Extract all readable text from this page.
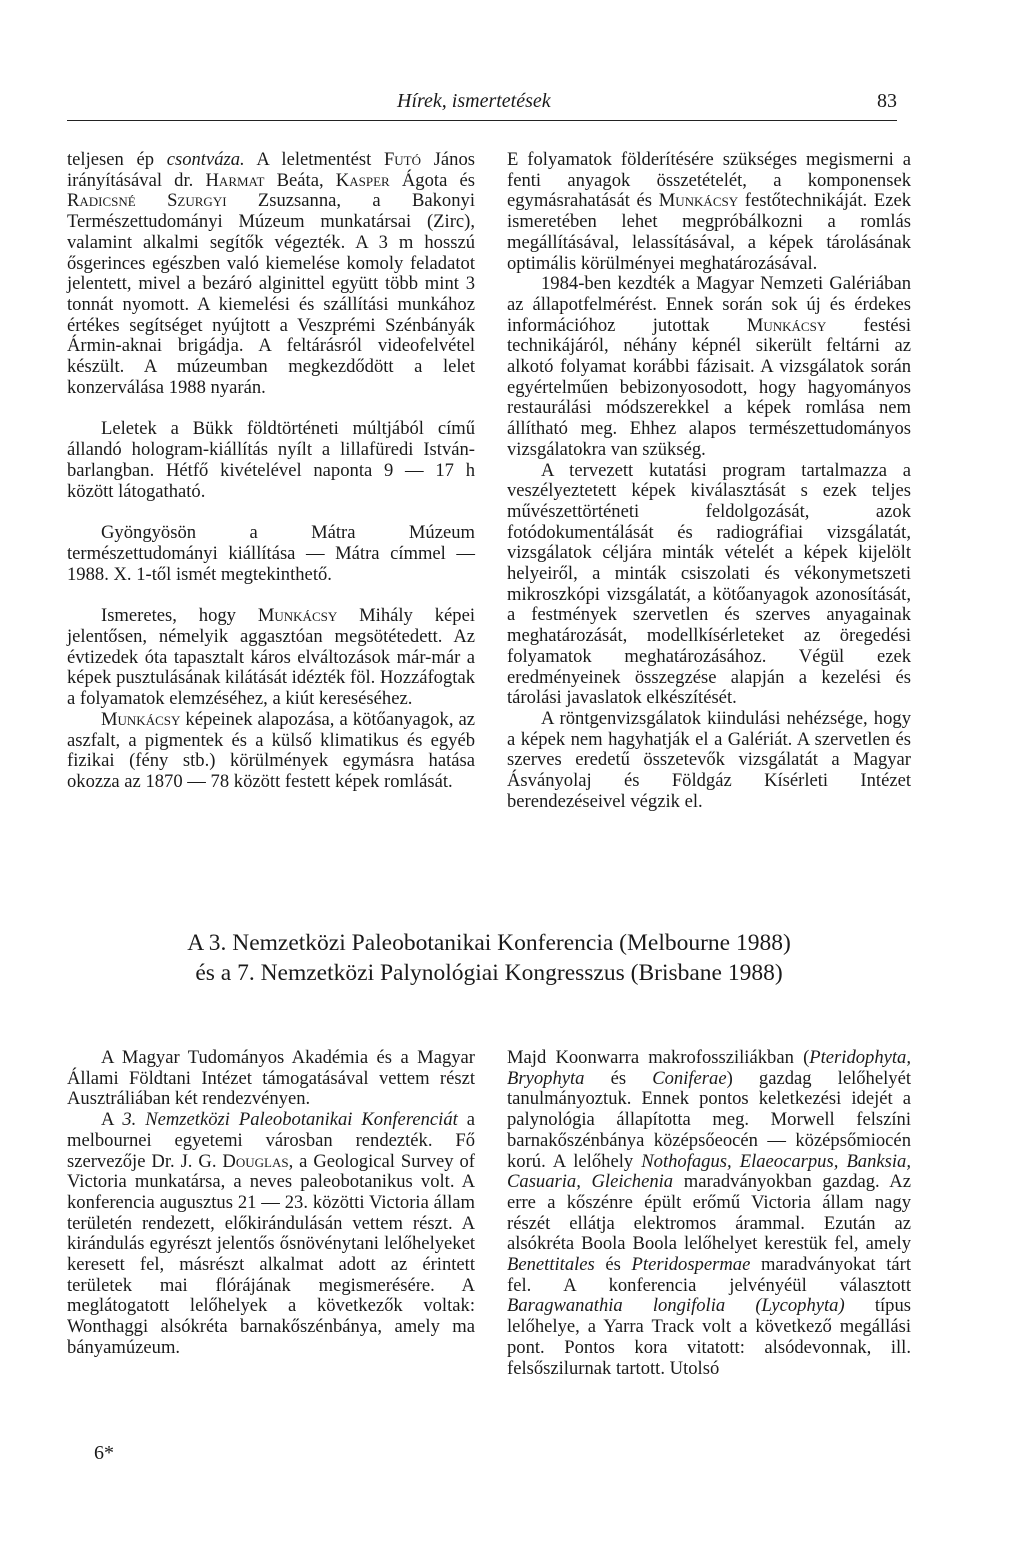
Hírek, ismertetések	83

teljesen ép csontváza. A leletmentést Futó János irányításával dr. Harmat Beáta, Kasper Ágota és Radicsné Szurgyi Zsuzsanna, a Bakonyi Természettudományi Múzeum munkatársai (Zirc), valamint alkalmi segítők végezték. A 3 m hosszú ősgerinces egészben való kiemelése komoly feladatot jelentett, mivel a bezáró alginittel együtt több mint 3 tonnát nyomott. A kiemelési és szállítási munkához értékes segítséget nyújtott a Veszprémi Szénbányák Ármin-aknai brigádja. A feltárásról videofelvétel készült. A múzeumban megkezdődött a lelet konzerválása 1988 nyarán.

Leletek a Bükk földtörténeti múltjából című állandó hologram-kiállítás nyílt a lillafüredi István-barlangban. Hétfő kivételével naponta 9 — 17 h között látogatható.

Gyöngyösön a Mátra Múzeum természettudományi kiállítása — Mátra címmel — 1988. X. 1-től ismét megtekinthető.

Ismeretes, hogy Munkácsy Mihály képei jelentősen, némelyik aggasztóan megsötétedett. Az évtizedek óta tapasztalt káros elváltozások már-már a képek pusztulásának kilátását idézték föl. Hozzáfogtak a folyamatok elemzéséhez, a kiút kereséséhez.

Munkácsy képeinek alapozása, a kötőanyagok, az aszfalt, a pigmentek és a külső klimatikus és egyéb fizikai (fény stb.) körülmények egymásra hatása okozza az 1870 — 78 között festett képek romlását.

E folyamatok földerítésére szükséges megismerni a fenti anyagok összetételét, a komponensek egymásrahatását és Munkácsy festőtechnikáját. Ezek ismeretében lehet megpróbálkozni a romlás megállításával, lelassításával, a képek tárolásának optimális körülményei meghatározásával.

1984-ben kezdték a Magyar Nemzeti Galériában az állapotfelmérést. Ennek során sok új és érdekes információhoz jutottak Munkácsy festési technikájáról, néhány képnél sikerült feltárni az alkotó folyamat korábbi fázisait. A vizsgálatok során egyértelműen bebizonyosodott, hogy hagyományos restaurálási módszerekkel a képek romlása nem állítható meg. Ehhez alapos természettudományos vizsgálatokra van szükség.

A tervezett kutatási program tartalmazza a veszélyeztetett képek kiválasztását s ezek teljes művészettörténeti feldolgozását, azok fotódokumentálását és radiográfiai vizsgálatát, vizsgálatok céljára minták vételét a képek kijelölt helyeiről, a minták csiszolati és vékonymetszeti mikroszkópi vizsgálatát, a kötőanyagok azonosítását, a festmények szervetlen és szerves anyagainak meghatározását, modellkísérleteket az öregedési folyamatok meghatározásához. Végül ezek eredményeinek összegzése alapján a kezelési és tárolási javaslatok elkészítését.

A röntgenvizsgálatok kiindulási nehézsége, hogy a képek nem hagyhatják el a Galériát. A szervetlen és szerves eredetű összetevők vizsgálatát a Magyar Ásványolaj és Földgáz Kísérleti Intézet berendezéseivel végzik el.

A 3. Nemzetközi Paleobotanikai Konferencia (Melbourne 1988)
és a 7. Nemzetközi Palynológiai Kongresszus (Brisbane 1988)

A Magyar Tudományos Akadémia és a Magyar Állami Földtani Intézet támogatásával vettem részt Ausztráliában két rendezvényen.

A 3. Nemzetközi Paleobotanikai Konferenciát a melbournei egyetemi városban rendezték. Fő szervezője Dr. J. G. Douglas, a Geological Survey of Victoria munkatársa, a neves paleobotanikus volt. A konferencia augusztus 21 — 23. közötti Victoria állam területén rendezett, előkirándulásán vettem részt. A kirándulás egyrészt jelentős ősnövénytani lelőhelyeket keresett fel, másrészt alkalmat adott az érintett területek mai flórájának megismerésére. A meglátogatott lelőhelyek a következők voltak: Wonthaggi alsókréta barnakőszénbánya, amely ma bányamúzeum.

Majd Koonwarra makrofossziliákban (Pteridophyta, Bryophyta és Coniferae) gazdag lelőhelyét tanulmányoztuk. Ennek pontos keletkezési idejét a palynológia állapította meg. Morwell felszíni barnakőszénbánya középsőeocén — középsőmiocén korú. A lelőhely Nothofagus, Elaeocarpus, Banksia, Casuaria, Gleichenia maradványokban gazdag. Az erre a kőszénre épült erőmű Victoria állam nagy részét ellátja elektromos árammal. Ezután az alsókréta Boola Boola lelőhelyet kerestük fel, amely Benettitales és Pteridospermae maradványokat tárt fel. A konferencia jelvényéül választott Baragwanathia longifolia (Lycophyta) típus lelőhelye, a Yarra Track volt a következő megállási pont. Pontos kora vitatott: alsódevonnak, ill. felsőszilurnak tartott. Utolsó

6*
